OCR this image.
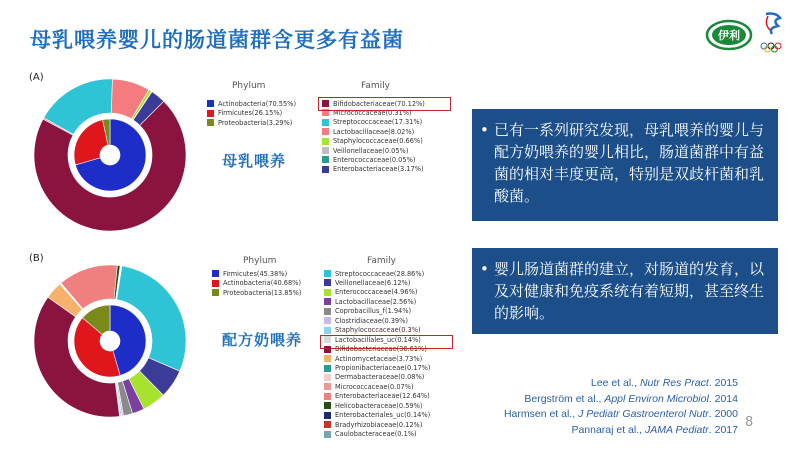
母乳喂养婴儿的肠道菌群含更多有益菌	伊利
(A)
(B)
Phylum	Family
Phylum	Family
Actinobacteria(70.55%)
Firmicutes(26.15%)
Proteobacteria(3.29%)
Bifidobacteriaceae(70.12%)
Micrococcaceae(0.31%)
Streptococcaceae(17.31%)
Lactobacillaceae(8.02%)
Staphylococcaceae(0.66%)
Veillonellaceae(0.05%)
Enterococcaceae(0.05%)
Enterobacteriaceae(3.17%)
Firmicutes(45.38%)
Actinobacteria(40.68%)
Proteobacteria(13.85%)
Streptococcaceae(28.86%)
Veillonellaceae(6.12%)
Enterococcaceae(4.96%)
Lactobacillaceae(2.56%)
Coprobacillus_f(1.94%)
Clostridiaceae(0.39%)
Staphylococcaceae(0.3%)
Lactobacillales_uc(0.14%)
Bifidobacteriaceae(36.61%)
Actinomycetaceae(3.73%)
Propionibacteriaceae(0.17%)
Dermabacteraceae(0.08%)
Micrococcaceae(0.07%)
Enterobacteriaceae(12.64%)
Helicobacteraceae(0.59%)
Enterobacteriales_uc(0.14%)
Bradyrhizobiaceae(0.12%)
Caulobacteraceae(0.1%)
母乳喂养
配方奶喂养
• 已有一系列研究发现，母乳喂养的婴儿与配方奶喂养的婴儿相比，肠道菌群中有益菌的相对丰度更高，特别是双歧杆菌和乳酸菌。
• 婴儿肠道菌群的建立，对肠道的发育，以及对健康和免疫系统有着短期，甚至终生的影响。
Lee et al., Nutr Res Pract. 2015
Bergström et al., Appl Environ Microbiol. 2014
Harmsen et al., J Pediatr Gastroenterol Nutr. 2000
Pannaraj et al., JAMA Pediatr. 2017 8
